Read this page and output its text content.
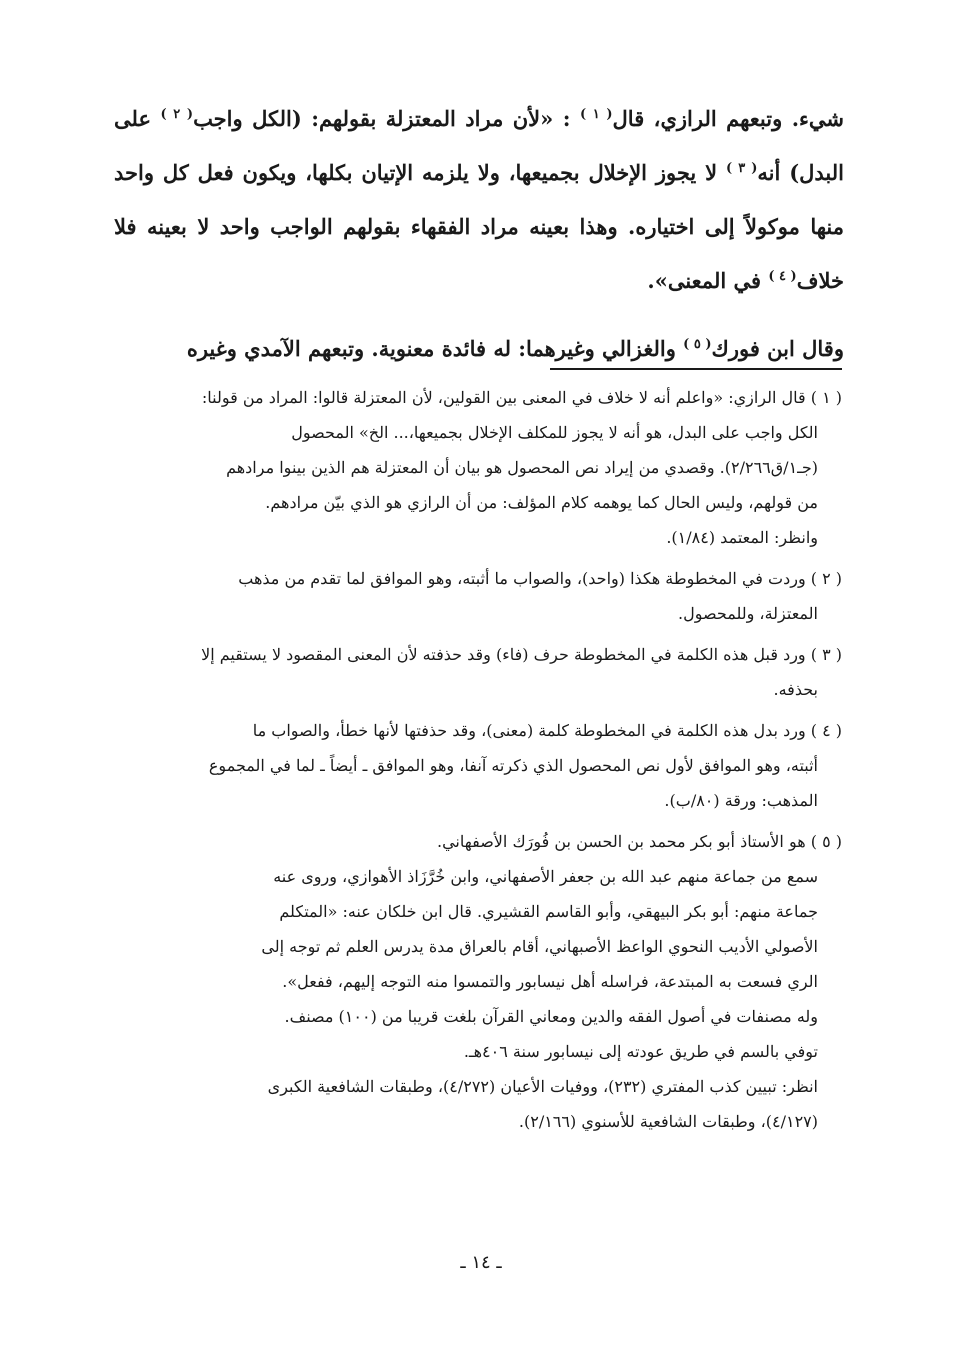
شيء. وتبعهم الرازي، قال$^{( ١ )}$ : «لأن مراد المعتزلة بقولهم: (الكل واجب$^{( ٢ )}$ على البدل) أنه$^{( ٣ )}$ لا يجوز الإخلال بجميعها، ولا يلزمه الإتيان بكلها، ويكون فعل كل واحد منها موكولاً إلى اختياره. وهذا بعينه مراد الفقهاء بقولهم الواجب واحد لا بعينه فلا خلاف$^{( ٤ )}$ في المعنى».

وقال ابن فورك$^{( ٥ )}$ والغزالي وغيرهما: له فائدة معنوية. وتبعهم الآمدي وغيره

( ١ ) قال الرازي: «واعلم أنه لا خلاف في المعنى بين القولين، لأن المعتزلة قالوا: المراد من قولنا:
الكل واجب على البدل، هو أنه لا يجوز للمكلف الإخلال بجميعها،... الخ» المحصول
(جـ١/ق٢/٢٦٦). وقصدي من إيراد نص المحصول هو بيان أن المعتزلة هم الذين بينوا مرادهم
من قولهم، وليس الحال كما يوهمه كلام المؤلف: من أن الرازي هو الذي بيّن مرادهم.
وانظر: المعتمد (١/٨٤).
( ٢ ) وردت في المخطوطة هكذا (واحد)، والصواب ما أثبته، وهو الموافق لما تقدم من مذهب
المعتزلة، وللمحصول.
( ٣ ) ورد قبل هذه الكلمة في المخطوطة حرف (فاء) وقد حذفته لأن المعنى المقصود لا يستقيم إلا
بحذفه.
( ٤ ) ورد بدل هذه الكلمة في المخطوطة كلمة (معنى)، وقد حذفتها لأنها خطأ، والصواب ما
أثبته، وهو الموافق لأول نص المحصول الذي ذكرته آنفا، وهو الموافق ـ أيضاً ـ لما في المجموع
المذهب: ورقة (٨٠/ب).
( ٥ ) هو الأستاذ أبو بكر محمد بن الحسن بن فُورَك الأصفهاني.
سمع من جماعة منهم عبد الله بن جعفر الأصفهاني، وابن خُرَّزَاذ الأهوازي، وروى عنه
جماعة منهم: أبو بكر البيهقي، وأبو القاسم القشيري. قال ابن خلكان عنه: «المتكلم
الأصولي الأديب النحوي الواعظ الأصبهاني، أقام بالعراق مدة يدرس العلم ثم توجه إلى
الري فسعت به المبتدعة، فراسله أهل نيسابور والتمسوا منه التوجه إليهم، ففعل».
وله مصنفات في أصول الفقه والدين ومعاني القرآن بلغت قريبا من (١٠٠) مصنف.
توفي بالسم في طريق عودته إلى نيسابور سنة ٤٠٦هـ.
انظر: تبيين كذب المفتري (٢٣٢)، ووفيات الأعيان (٤/٢٧٢)، وطبقات الشافعية الكبرى
(٤/١٢٧)، وطبقات الشافعية للأسنوي (٢/١٦٦).
ـ ١٤ ـ
